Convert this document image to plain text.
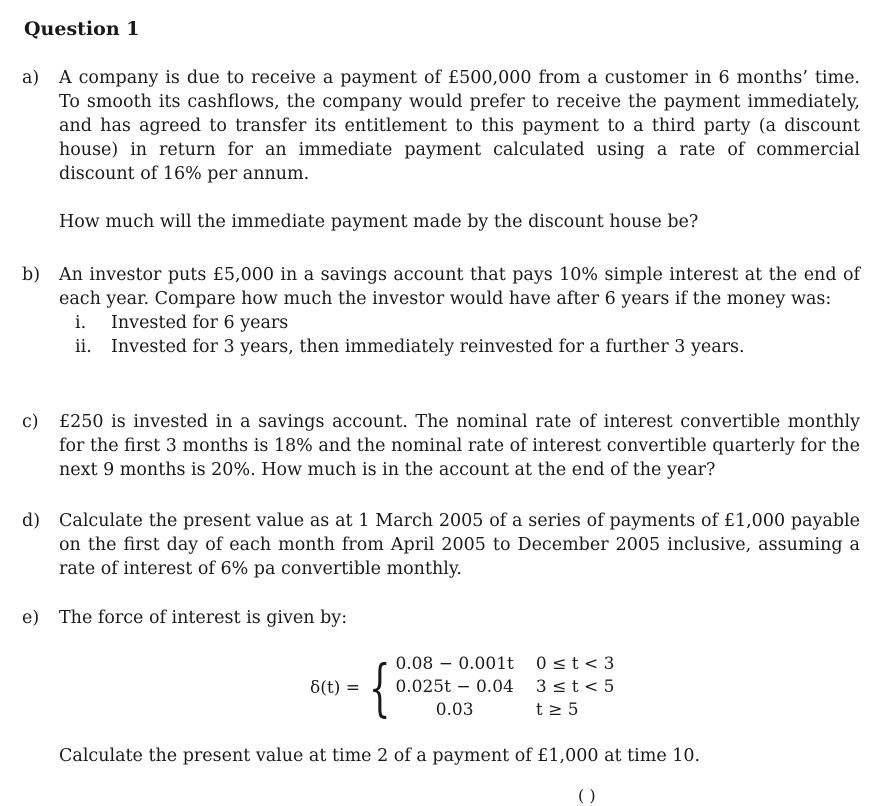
Question 1
a) A company is due to receive a payment of £500,000 from a customer in 6 months’ time. To smooth its cashflows, the company would prefer to receive the payment immediately, and has agreed to transfer its entitlement to this payment to a third party (a discount house) in return for an immediate payment calculated using a rate of commercial discount of 16% per annum.

How much will the immediate payment made by the discount house be?

b) An investor puts £5,000 in a savings account that pays 10% simple interest at the end of each year. Compare how much the investor would have after 6 years if the money was:

i.	Invested for 6 years
ii.	Invested for 3 years, then immediately reinvested for a further 3 years.
c) £250 is invested in a savings account. The nominal rate of interest convertible monthly for the first 3 months is 18% and the nominal rate of interest convertible quarterly for the next 9 months is 20%. How much is in the account at the end of the year?

d) Calculate the present value as at 1 March 2005 of a series of payments of £1,000 payable on the first day of each month from April 2005 to December 2005 inclusive, assuming a rate of interest of 6% pa convertible monthly.

e) The force of interest is given by:

δ(t) = { 0.08 − 0.001t 0 ≤ t < 3
0.025t − 0.04 3 ≤ t < 5
0.03	t ≥ 5
Calculate the present value at time 2 of a payment of £1,000 at time 10.
( )
